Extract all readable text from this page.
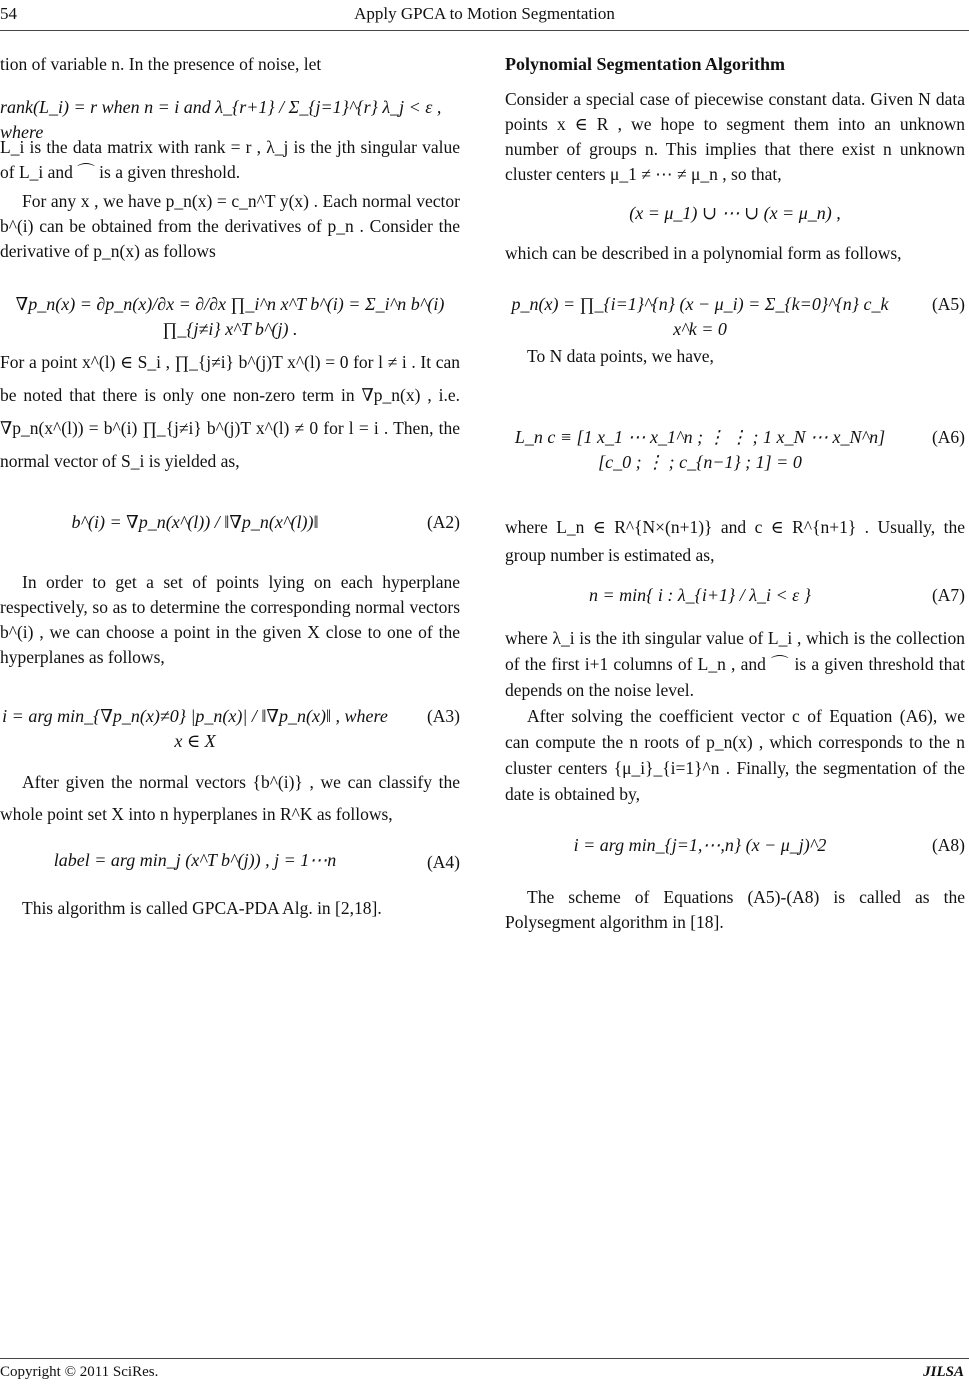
54	Apply GPCA to Motion Segmentation

tion of variable n. In the presence of noise, let

rank(L_i) = r when n = i and λ_{r+1} / Σ_{j=1}^{r} λ_j < ε , where

L_i is the data matrix with rank = r , λ_j is the jth singular value of L_i and ⌒ is a given threshold.

For any x , we have p_n(x) = c_n^T y(x) . Each normal vector b^(i) can be obtained from the derivatives of p_n . Consider the derivative of p_n(x) as follows

∇p_n(x) = ∂p_n(x)/∂x = ∂/∂x ∏_i^n x^T b^(i) = Σ_i^n b^(i) ∏_{j≠i} x^T b^(j) .

For a point x^(l) ∈ S_i , ∏_{j≠i} b^(j)T x^(l) = 0 for l ≠ i . It can be noted that there is only one non-zero term in ∇p_n(x) , i.e. ∇p_n(x^(l)) = b^(i) ∏_{j≠i} b^(j)T x^(l) ≠ 0 for l = i . Then, the normal vector of S_i is yielded as,

b^(i) = ∇p_n(x^(l)) / ‖∇p_n(x^(l))‖	(A2)

In order to get a set of points lying on each hyperplane respectively, so as to determine the corresponding normal vectors b^(i) , we can choose a point in the given X close to one of the hyperplanes as follows,

i = arg min_{∇p_n(x)≠0} |p_n(x)| / ‖∇p_n(x)‖ , where x ∈ X
(A3)

After given the normal vectors {b^(i)} , we can classify the whole point set X into n hyperplanes in R^K as follows,

label = arg min_j (x^T b^(j)) , j = 1⋯n	(A4)

This algorithm is called GPCA-PDA Alg. in [2,18].

Polynomial Segmentation Algorithm

Consider a special case of piecewise constant data. Given N data points x ∈ R , we hope to segment them into an unknown number of groups n. This implies that there exist n unknown cluster centers μ_1 ≠ ⋯ ≠ μ_n , so that,

(x = μ_1) ∪ ⋯ ∪ (x = μ_n) ,

which can be described in a polynomial form as follows,

p_n(x) = ∏_{i=1}^{n} (x − μ_i) = Σ_{k=0}^{n} c_k x^k = 0
(A5)

To N data points, we have,

L_n c ≡ [1 x_1 ⋯ x_1^n ; ⋮ ⋮ ; 1 x_N ⋯ x_N^n] [c_0 ; ⋮ ; c_{n−1} ; 1] = 0
(A6)

where L_n ∈ R^{N×(n+1)} and c ∈ R^{n+1} . Usually, the group number is estimated as,

n = min{ i : λ_{i+1} / λ_i < ε }	(A7)

where λ_i is the ith singular value of L_i , which is the collection of the first i+1 columns of L_n , and ⌒ is a given threshold that depends on the noise level.

After solving the coefficient vector c of Equation (A6), we can compute the n roots of p_n(x) , which corresponds to the n cluster centers {μ_i}_{i=1}^n . Finally, the segmentation of the date is obtained by,

i = arg min_{j=1,⋯,n} (x − μ_j)^2	(A8)

The scheme of Equations (A5)-(A8) is called as the Polysegment algorithm in [18].

Copyright © 2011 SciRes.	JILSA
